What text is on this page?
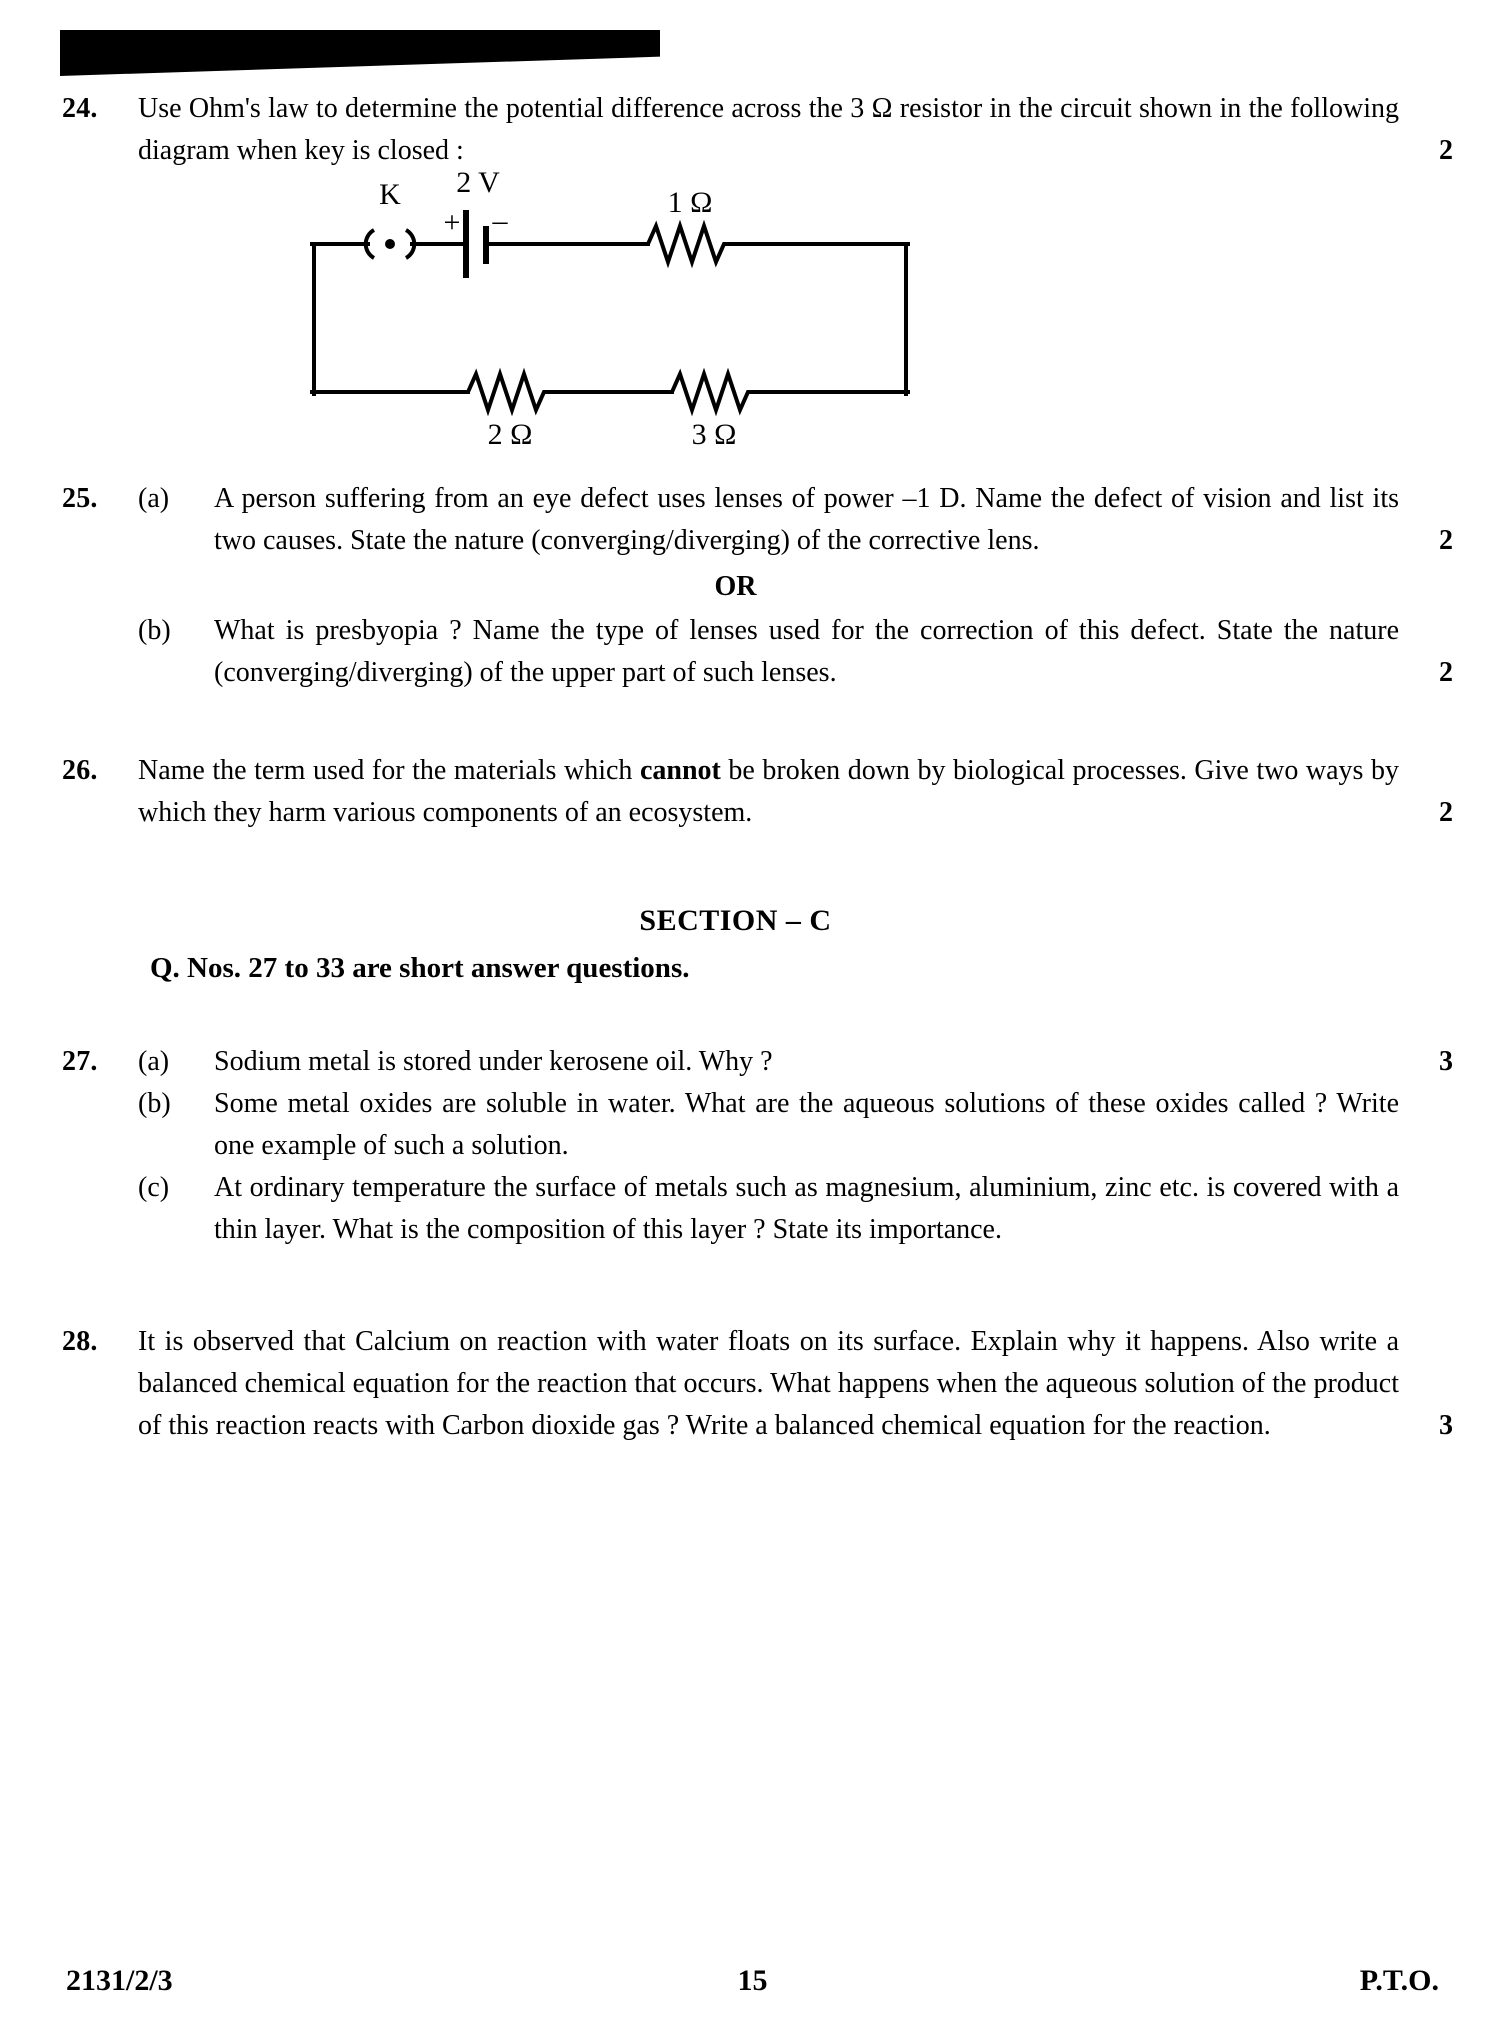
24.	Use Ohm's law to determine the potential difference across the 3 Ω resistor in the circuit shown in the following diagram when key is closed :	2
K 2 V
+ –
1 Ω
2 Ω	3 Ω
25.	(a)	A person suffering from an eye defect uses lenses of power –1 D. Name the defect of vision and list its two causes. State the nature (converging/diverging) of the corrective lens.	2
OR
(b)	What is presbyopia ? Name the type of lenses used for the correction of this defect. State the nature (converging/diverging) of the upper part of such lenses.	2
26.	Name the term used for the materials which cannot be broken down by biological processes. Give two ways by which they harm various components of an ecosystem.	2
SECTION – C
Q. Nos. 27 to 33 are short answer questions.
27.	(a)	Sodium metal is stored under kerosene oil. Why ?	3
(b)	Some metal oxides are soluble in water. What are the aqueous solutions of these oxides called ? Write one example of such a solution.
(c)	At ordinary temperature the surface of metals such as magnesium, aluminium, zinc etc. is covered with a thin layer. What is the composition of this layer ? State its importance.
28.	It is observed that Calcium on reaction with water floats on its surface. Explain why it happens. Also write a balanced chemical equation for the reaction that occurs. What happens when the aqueous solution of the product of this reaction reacts with Carbon dioxide gas ? Write a balanced chemical equation for the reaction.	3
2131/2/3	15	P.T.O.
